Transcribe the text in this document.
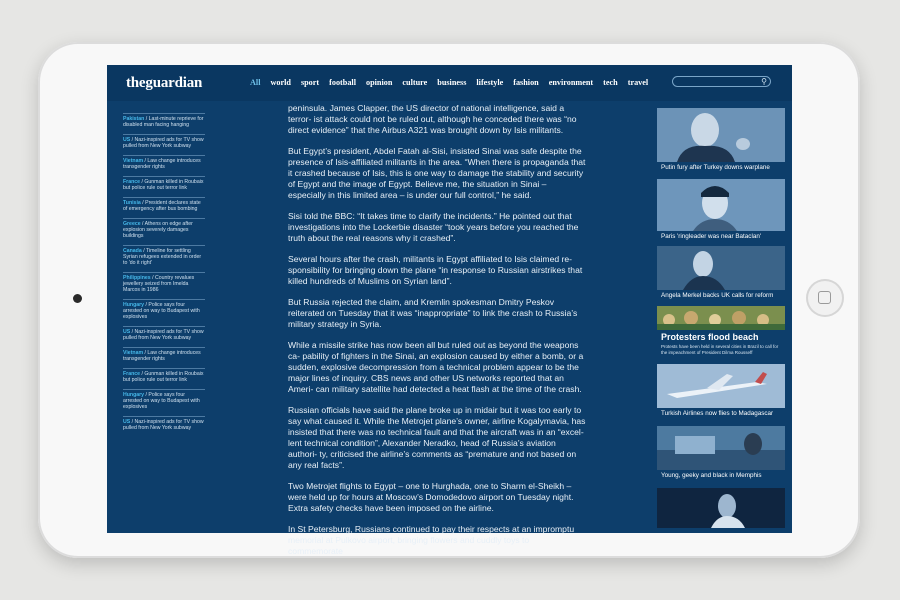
theguardian	All world sport football opinion culture business lifestyle fashion environment tech travel	⚲
Pakistan / Last-minute reprieve for disabled man facing hanging
US / Nazi-inspired ads for TV show pulled from New York subway
Vietnam / Law change introduces transgender rights
France / Gunman killed in Roubaix but police rule out terror link
Tunisia / President declares state of emergency after bus bombing
Greece / Athens on edge after explosion severely damages buildings
Canada / Timeline for settling Syrian refugees extended in order to 'do it right'
Philippines / Country revalues jewellery seized from Imelda Marcos in 1986
Hungary / Police says four arrested on way to Budapest with explosives
US / Nazi-inspired ads for TV show pulled from New York subway
Vietnam / Law change introduces transgender rights
France / Gunman killed in Roubaix but police rule out terror link
Hungary / Police says four arrested on way to Budapest with explosives
US / Nazi-inspired ads for TV show pulled from New York subway

peninsula. James Clapper, the US director of national intelligence, said a terror- ist attack could not be ruled out, although he conceded there was “no direct evidence” that the Airbus A321 was brought down by Isis militants.

But Egypt’s president, Abdel Fatah al-Sisi, insisted Sinai was safe despite the presence of Isis-affiliated militants in the area. “When there is propaganda that it crashed because of Isis, this is one way to damage the stability and security of Egypt and the image of Egypt. Believe me, the situation in Sinai – especially in this limited area – is under our full control,” he said.

Sisi told the BBC: “It takes time to clarify the incidents.” He pointed out that investigations into the Lockerbie disaster “took years before you reached the truth about the real reasons why it crashed”.

Several hours after the crash, militants in Egypt affiliated to Isis claimed re- sponsibility for bringing down the plane “in response to Russian airstrikes that killed hundreds of Muslims on Syrian land”.

But Russia rejected the claim, and Kremlin spokesman Dmitry Peskov reiterated on Tuesday that it was “inappropriate” to link the crash to Russia’s military strategy in Syria.

While a missile strike has now been all but ruled out as beyond the weapons ca- pability of fighters in the Sinai, an explosion caused by either a bomb, or a sudden, explosive decompression from a technical problem appear to be the major lines of inquiry. CBS news and other US networks reported that an Ameri- can military satellite had detected a heat flash at the time of the crash.

Russian officials have said the plane broke up in midair but it was too early to say what caused it. While the Metrojet plane’s owner, airline Kogalymavia, has insisted that there was no technical fault and that the aircraft was in an “excel- lent technical condition”, Alexander Neradko, head of Russia’s aviation authori- ty, criticised the airline’s comments as “premature and not based on any real facts”.

Two Metrojet flights to Egypt – one to Hurghada, one to Sharm el-Sheikh – were held up for hours at Moscow’s Domodedovo airport on Tuesday night. Extra safety checks have been imposed on the airline.

In St Petersburg, Russians continued to pay their respects at an impromptu memorial at Pulkovo airport, bringing flowers and cuddly toys to commemorate

Putin fury after Turkey downs warplane
Paris 'ringleader was near Bataclan'
Angela Merkel backs UK calls for reform
Protesters flood beach
Protests have been held in several cities in Brazil to call for the impeachment of President Dilma Rousseff
Turkish Airlines now flies to Madagascar
Young, geeky and black in Memphis
